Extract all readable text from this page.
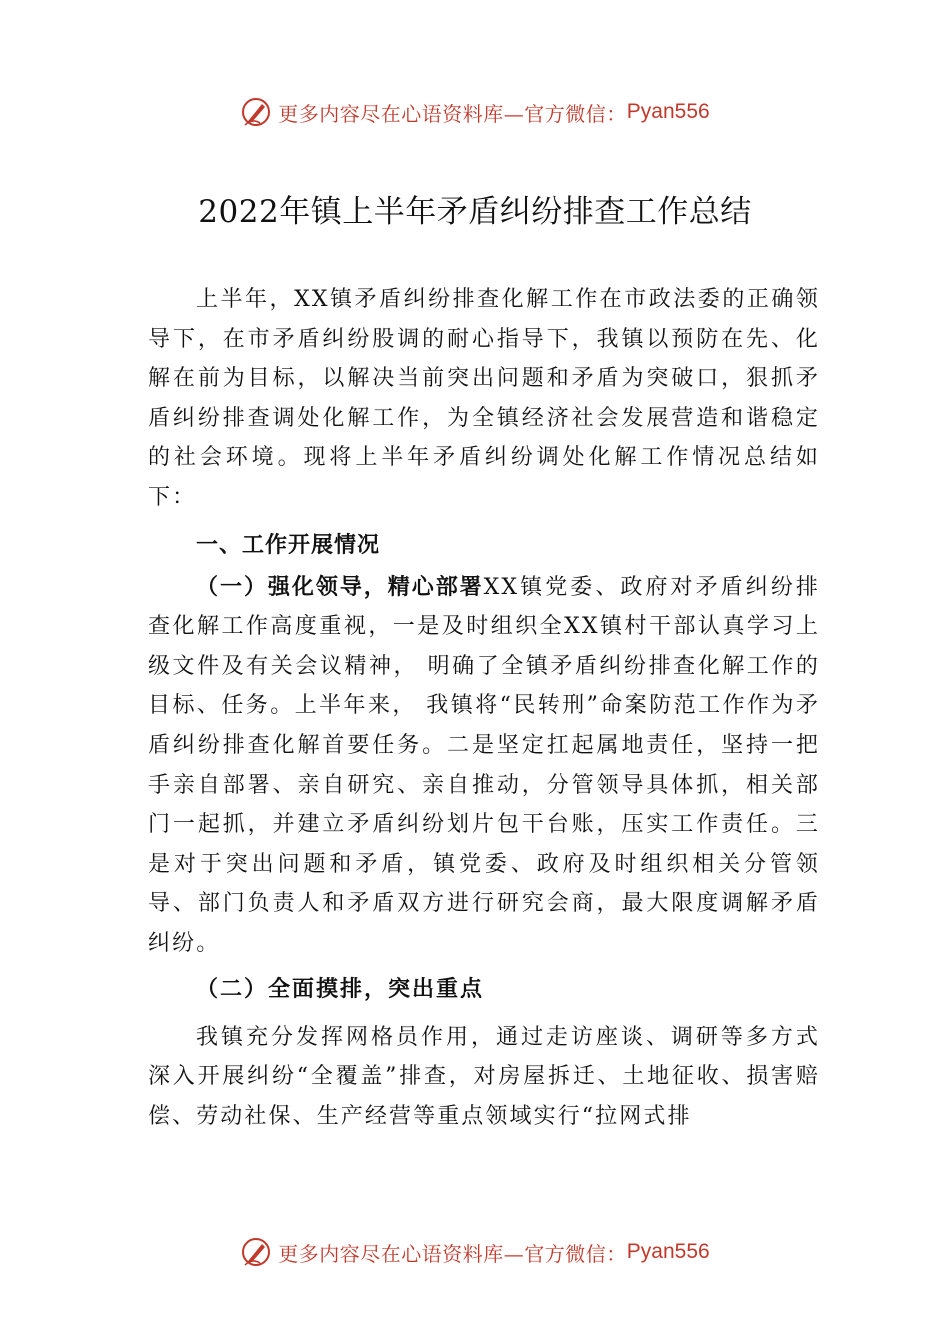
更多内容尽在心语资料库—官方微信： Pyan556
2022年镇上半年矛盾纠纷排查工作总结

上半年，XX镇矛盾纠纷排查化解工作在市政法委的正确领导下，在市矛盾纠纷股调的耐心指导下，我镇以预防在先、化解在前为目标，以解决当前突出问题和矛盾为突破口，狠抓矛盾纠纷排查调处化解工作，为全镇经济社会发展营造和谐稳定的社会环境。现将上半年矛盾纠纷调处化解工作情况总结如下：

一、工作开展情况

（一）强化领导，精心部署XX镇党委、政府对矛盾纠纷排查化解工作高度重视，一是及时组织全XX镇村干部认真学习上级文件及有关会议精神， 明确了全镇矛盾纠纷排查化解工作的目标、任务。上半年来， 我镇将“民转刑”命案防范工作作为矛盾纠纷排查化解首要任务。二是坚定扛起属地责任，坚持一把手亲自部署、亲自研究、亲自推动，分管领导具体抓，相关部门一起抓，并建立矛盾纠纷划片包干台账，压实工作责任。三是对于突出问题和矛盾，镇党委、政府及时组织相关分管领导、部门负责人和矛盾双方进行研究会商，最大限度调解矛盾纠纷。

（二）全面摸排，突出重点

我镇充分发挥网格员作用，通过走访座谈、调研等多方式深入开展纠纷“全覆盖”排查，对房屋拆迁、土地征收、损害赔偿、劳动社保、生产经营等重点领域实行“拉网式排

更多内容尽在心语资料库—官方微信： Pyan556
